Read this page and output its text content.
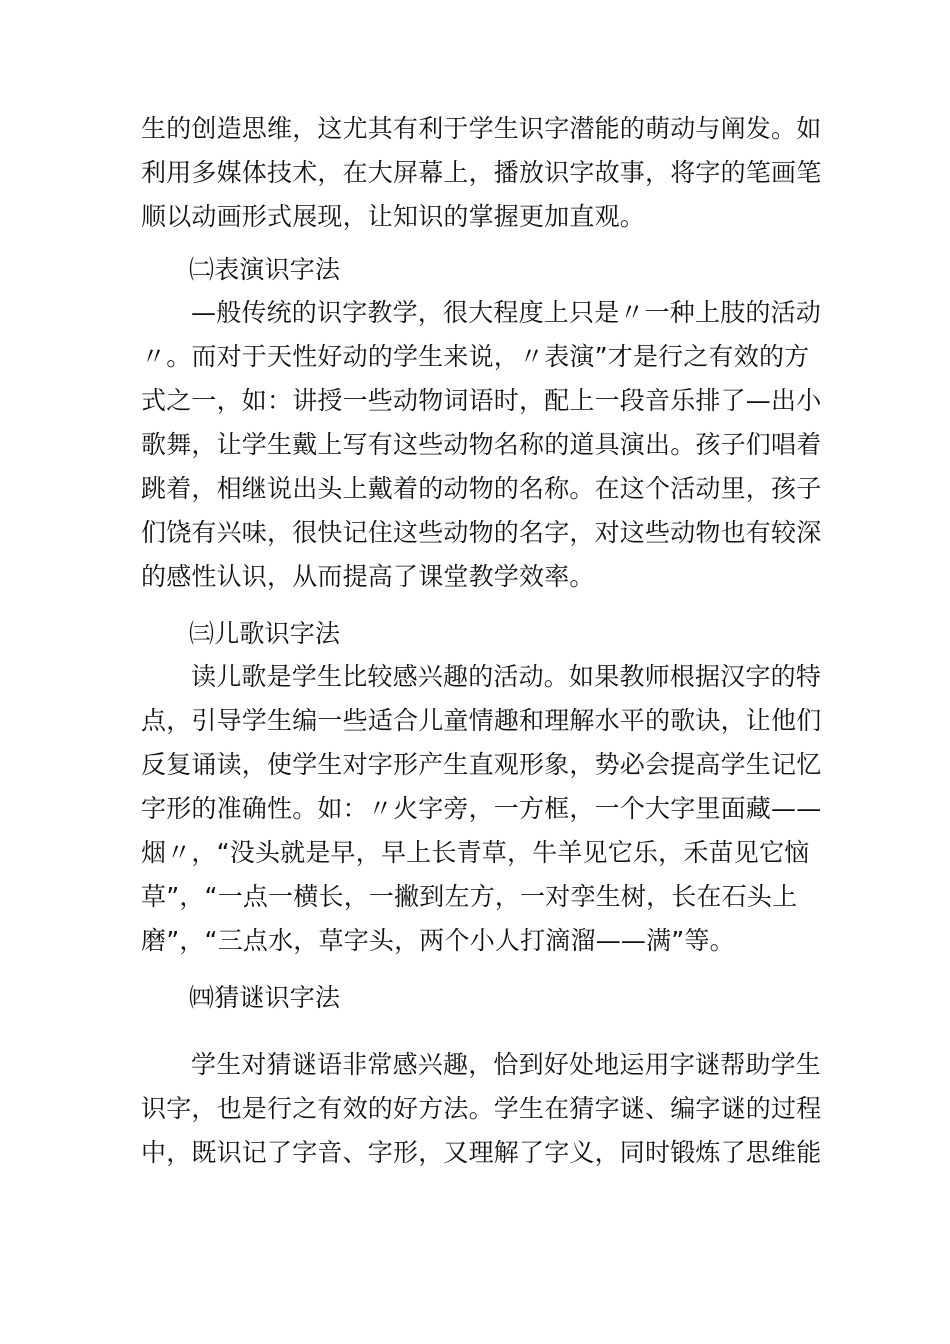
生的创造思维，这尤其有利于学生识字潜能的萌动与阐发。如
利用多媒体技术，在大屏幕上，播放识字故事，将字的笔画笔
顺以动画形式展现，让知识的掌握更加直观。
㈡表演识字法
—般传统的识字教学，很大程度上只是〃一种上肢的活动
〃。而对于天性好动的学生来说，〃表演”才是行之有效的方
式之一，如：讲授一些动物词语时，配上一段音乐排了—出小
歌舞，让学生戴上写有这些动物名称的道具演出。孩子们唱着
跳着，相继说出头上戴着的动物的名称。在这个活动里，孩子
们饶有兴味，很快记住这些动物的名字，对这些动物也有较深
的感性认识，从而提高了课堂教学效率。
㈢儿歌识字法
读儿歌是学生比较感兴趣的活动。如果教师根据汉字的特
点，引导学生编一些适合儿童情趣和理解水平的歌诀，让他们
反复诵读，使学生对字形产生直观形象，势必会提高学生记忆
字形的准确性。如：〃火字旁，一方框，一个大字里面藏——
烟〃，“没头就是早，早上长青草，牛羊见它乐，禾苗见它恼
草”，“一点一横长，一撇到左方，一对孪生树，长在石头上
磨”，“三点水，草字头，两个小人打滴溜——满”等。
㈣猜谜识字法
学生对猜谜语非常感兴趣，恰到好处地运用字谜帮助学生
识字，也是行之有效的好方法。学生在猜字谜、编字谜的过程
中，既识记了字音、字形，又理解了字义，同时锻炼了思维能
